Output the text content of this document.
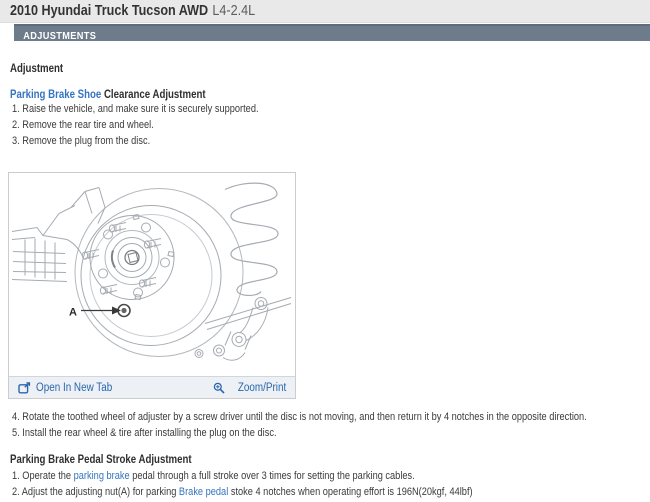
2010 Hyundai Truck Tucson AWD L4-2.4L
ADJUSTMENTS
Adjustment
Parking Brake Shoe Clearance Adjustment
1. Raise the vehicle, and make sure it is securely supported.
2. Remove the rear tire and wheel.
3. Remove the plug from the disc.
A
Open In New Tab	Zoom/Print
4. Rotate the toothed wheel of adjuster by a screw driver until the disc is not moving, and then return it by 4 notches in the opposite direction.
5. Install the rear wheel & tire after installing the plug on the disc.
Parking Brake Pedal Stroke Adjustment
1. Operate the parking brake pedal through a full stroke over 3 times for setting the parking cables.
2. Adjust the adjusting nut(A) for parking Brake pedal stoke 4 notches when operating effort is 196N(20kgf, 44lbf)
